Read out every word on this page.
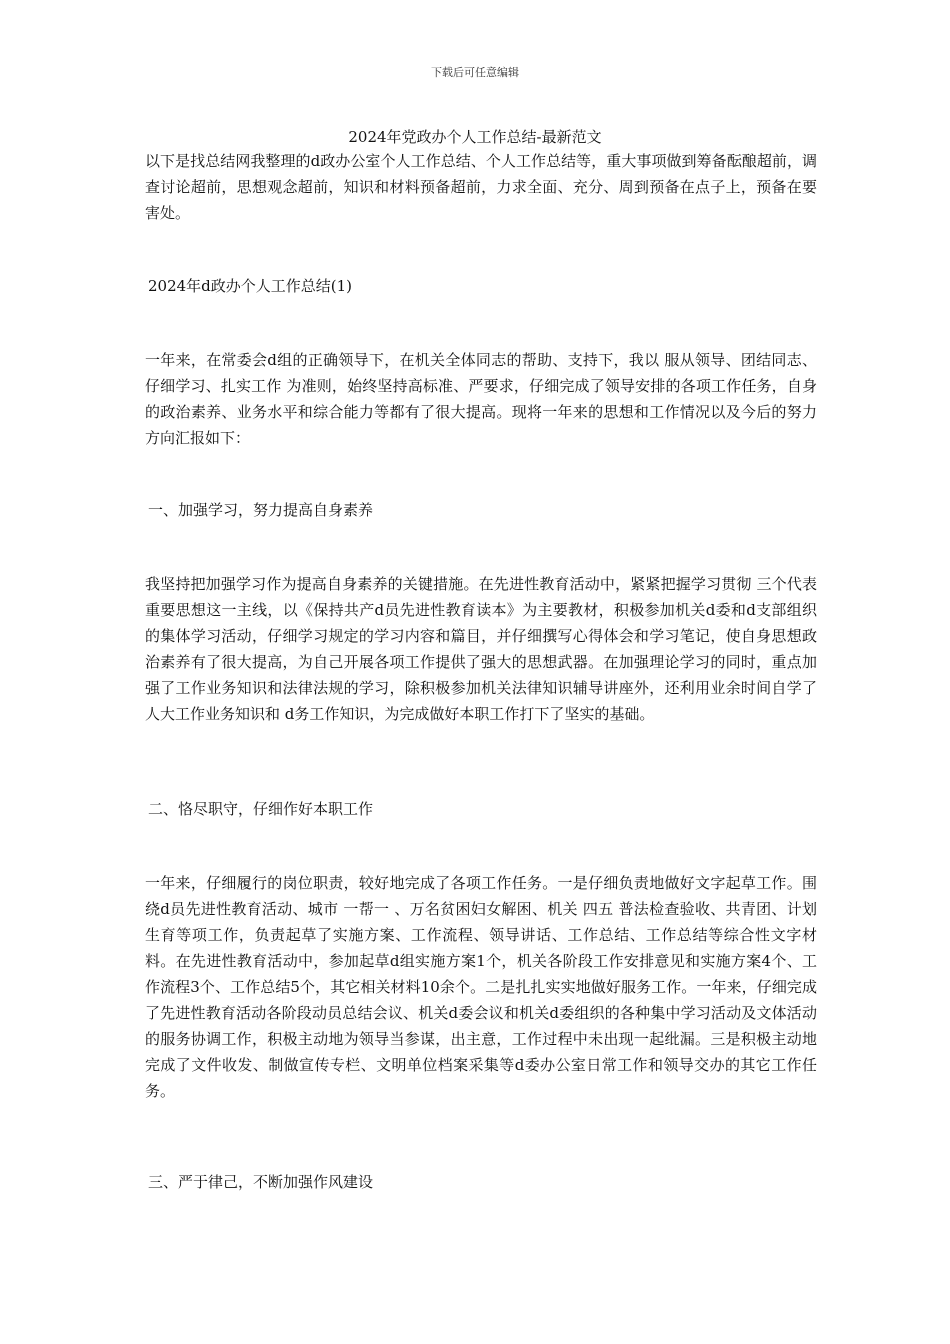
下载后可任意编辑
2024年党政办个人工作总结-最新范文

以下是找总结网我整理的d政办公室个人工作总结、个人工作总结等，重大事项做到筹备酝酿超前，调查讨论超前，思想观念超前，知识和材料预备超前，力求全面、充分、周到预备在点子上，预备在要害处。

2024年d政办个人工作总结(1)

一年来，在常委会d组的正确领导下，在机关全体同志的帮助、支持下，我以 服从领导、团结同志、仔细学习、扎实工作 为准则，始终坚持高标准、严要求，仔细完成了领导安排的各项工作任务，自身的政治素养、业务水平和综合能力等都有了很大提高。现将一年来的思想和工作情况以及今后的努力方向汇报如下：

一、加强学习，努力提高自身素养

我坚持把加强学习作为提高自身素养的关键措施。在先进性教育活动中，紧紧把握学习贯彻 三个代表 重要思想这一主线，以《保持共产d员先进性教育读本》为主要教材，积极参加机关d委和d支部组织的集体学习活动，仔细学习规定的学习内容和篇目，并仔细撰写心得体会和学习笔记，使自身思想政治素养有了很大提高，为自己开展各项工作提供了强大的思想武器。在加强理论学习的同时，重点加强了工作业务知识和法律法规的学习，除积极参加机关法律知识辅导讲座外，还利用业余时间自学了人大工作业务知识和 d务工作知识，为完成做好本职工作打下了坚实的基础。

二、恪尽职守，仔细作好本职工作

一年来，仔细履行的岗位职责，较好地完成了各项工作任务。一是仔细负责地做好文字起草工作。围绕d员先进性教育活动、城市 一帮一 、万名贫困妇女解困、机关 四五 普法检查验收、共青团、计划生育等项工作，负责起草了实施方案、工作流程、领导讲话、工作总结、工作总结等综合性文字材料。在先进性教育活动中，参加起草d组实施方案1个，机关各阶段工作安排意见和实施方案4个、工作流程3个、工作总结5个，其它相关材料10余个。二是扎扎实实地做好服务工作。一年来，仔细完成了先进性教育活动各阶段动员总结会议、机关d委会议和机关d委组织的各种集中学习活动及文体活动的服务协调工作，积极主动地为领导当参谋，出主意，工作过程中未出现一起纰漏。三是积极主动地完成了文件收发、制做宣传专栏、文明单位档案采集等d委办公室日常工作和领导交办的其它工作任务。

三、严于律己，不断加强作风建设
